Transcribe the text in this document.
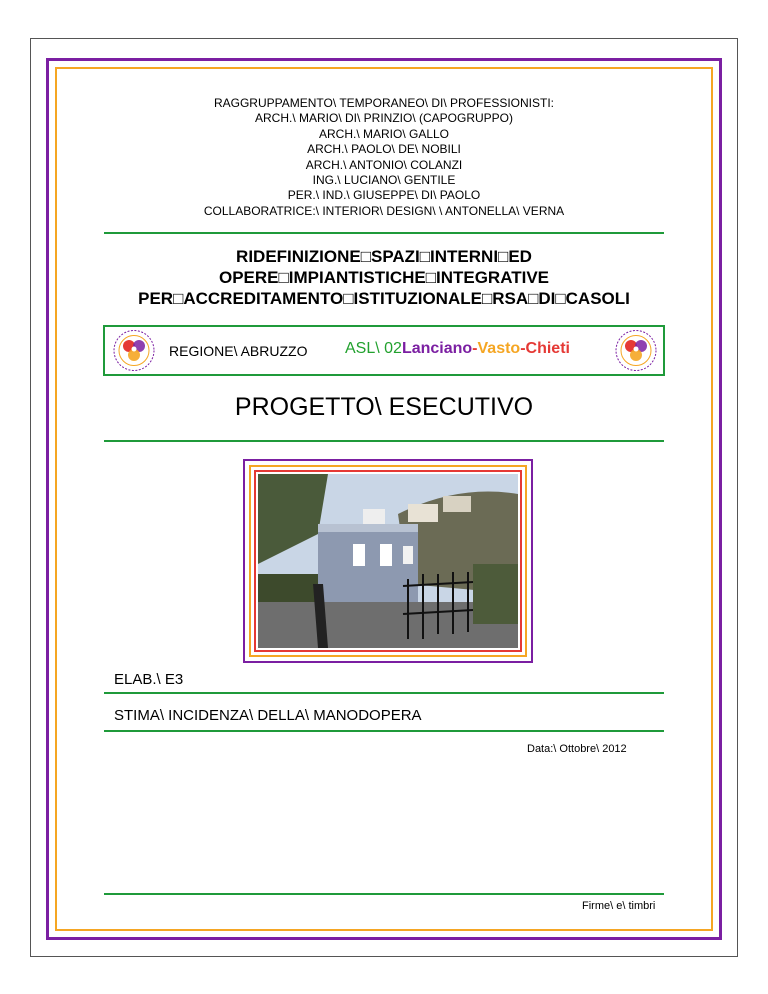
RAGGRUPPAMENTO\ TEMPORANEO\ DI\ PROFESSIONISTI:
ARCH.\ MARIO\ DI\ PRINZIO\ (CAPOGRUPPO)
ARCH.\ MARIO\ GALLO
ARCH.\ PAOLO\ DE\ NOBILI
ARCH.\ ANTONIO\ COLANZI
ING.\ LUCIANO\ GENTILE
PER.\ IND.\ GIUSEPPE\ DI\ PAOLO
COLLABORATRICE:\ INTERIOR\ DESIGN\ \ ANTONELLA\ VERNA
RIDEFINIZIONE□SPAZI□INTERNI□ED
OPERE□IMPIANTISTICHE□INTEGRATIVE
PER□ACCREDITAMENTO□ISTITUZIONALE□RSA□DI□CASOLI
REGIONE\ ABRUZZO ASL\ 02Lanciano-Vasto-Chieti
PROGETTO\ ESECUTIVO
ELAB.\ E3
STIMA\ INCIDENZA\ DELLA\ MANODOPERA
Data:\ Ottobre\ 2012
Firme\ e\ timbri
